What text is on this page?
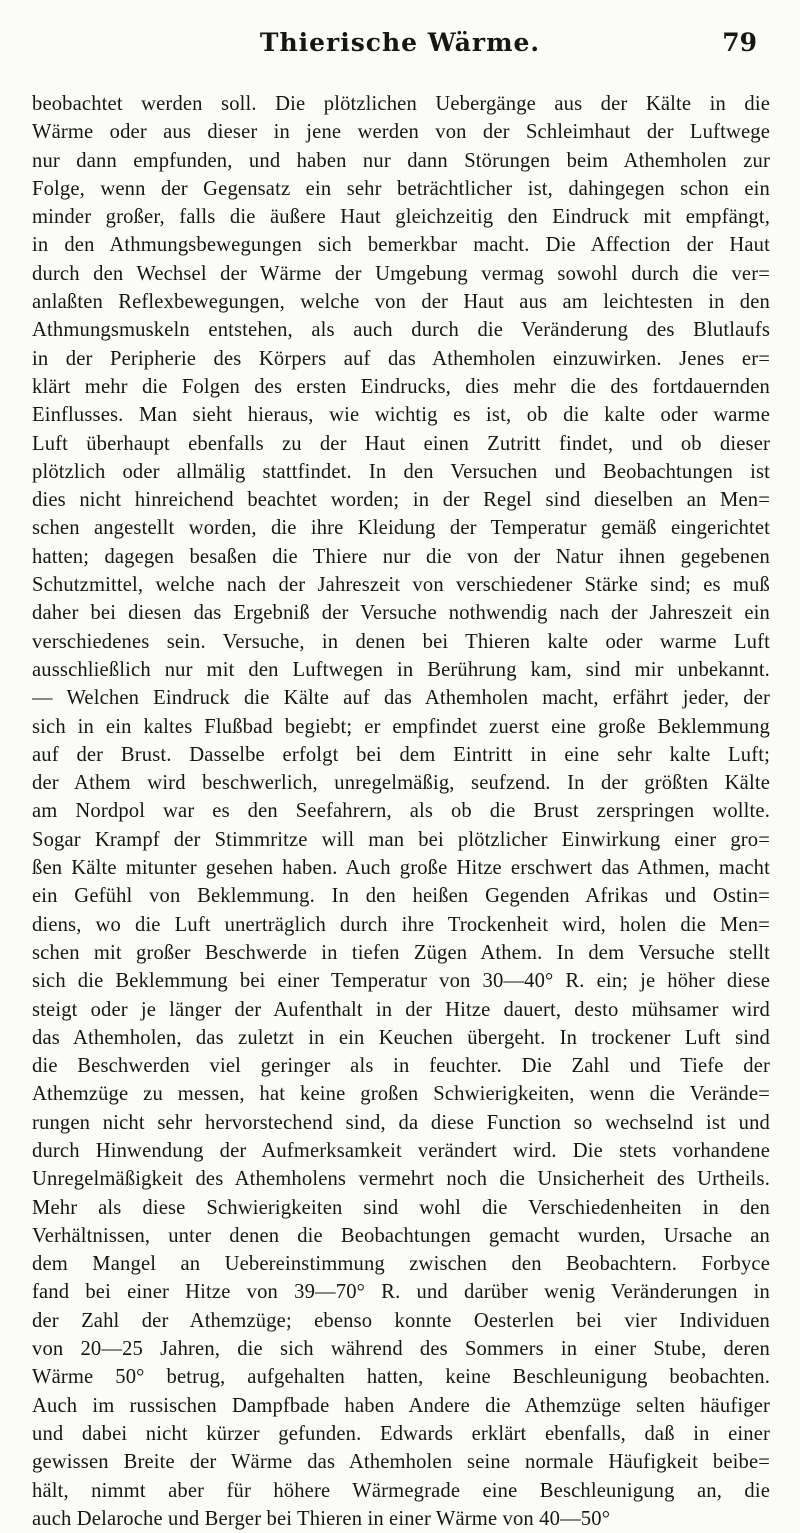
Thierische Wärme.	79
beobachtet werden soll. Die plötzlichen Uebergänge aus der Kälte in die
Wärme oder aus dieser in jene werden von der Schleimhaut der Luftwege
nur dann empfunden, und haben nur dann Störungen beim Athemholen zur
Folge, wenn der Gegensatz ein sehr beträchtlicher ist, dahingegen schon ein
minder großer, falls die äußere Haut gleichzeitig den Eindruck mit empfängt,
in den Athmungsbewegungen sich bemerkbar macht. Die Affection der Haut
durch den Wechsel der Wärme der Umgebung vermag sowohl durch die ver=
anlaßten Reflexbewegungen, welche von der Haut aus am leichtesten in den
Athmungsmuskeln entstehen, als auch durch die Veränderung des Blutlaufs
in der Peripherie des Körpers auf das Athemholen einzuwirken. Jenes er=
klärt mehr die Folgen des ersten Eindrucks, dies mehr die des fortdauernden
Einflusses. Man sieht hieraus, wie wichtig es ist, ob die kalte oder warme
Luft überhaupt ebenfalls zu der Haut einen Zutritt findet, und ob dieser
plötzlich oder allmälig stattfindet. In den Versuchen und Beobachtungen ist
dies nicht hinreichend beachtet worden; in der Regel sind dieselben an Men=
schen angestellt worden, die ihre Kleidung der Temperatur gemäß eingerichtet
hatten; dagegen besaßen die Thiere nur die von der Natur ihnen gegebenen
Schutzmittel, welche nach der Jahreszeit von verschiedener Stärke sind; es muß
daher bei diesen das Ergebniß der Versuche nothwendig nach der Jahreszeit ein
verschiedenes sein. Versuche, in denen bei Thieren kalte oder warme Luft
ausschließlich nur mit den Luftwegen in Berührung kam, sind mir unbekannt.
— Welchen Eindruck die Kälte auf das Athemholen macht, erfährt jeder, der
sich in ein kaltes Flußbad begiebt; er empfindet zuerst eine große Beklemmung
auf der Brust. Dasselbe erfolgt bei dem Eintritt in eine sehr kalte Luft;
der Athem wird beschwerlich, unregelmäßig, seufzend. In der größten Kälte
am Nordpol war es den Seefahrern, als ob die Brust zerspringen wollte.
Sogar Krampf der Stimmritze will man bei plötzlicher Einwirkung einer gro=
ßen Kälte mitunter gesehen haben. Auch große Hitze erschwert das Athmen, macht
ein Gefühl von Beklemmung. In den heißen Gegenden Afrikas und Ostin=
diens, wo die Luft unerträglich durch ihre Trockenheit wird, holen die Men=
schen mit großer Beschwerde in tiefen Zügen Athem. In dem Versuche stellt
sich die Beklemmung bei einer Temperatur von 30—40° R. ein; je höher diese
steigt oder je länger der Aufenthalt in der Hitze dauert, desto mühsamer wird
das Athemholen, das zuletzt in ein Keuchen übergeht. In trockener Luft sind
die Beschwerden viel geringer als in feuchter. Die Zahl und Tiefe der
Athemzüge zu messen, hat keine großen Schwierigkeiten, wenn die Verände=
rungen nicht sehr hervorstechend sind, da diese Function so wechselnd ist und
durch Hinwendung der Aufmerksamkeit verändert wird. Die stets vorhandene
Unregelmäßigkeit des Athemholens vermehrt noch die Unsicherheit des Urtheils.
Mehr als diese Schwierigkeiten sind wohl die Verschiedenheiten in den
Verhältnissen, unter denen die Beobachtungen gemacht wurden, Ursache an
dem Mangel an Uebereinstimmung zwischen den Beobachtern. Forbyce
fand bei einer Hitze von 39—70° R. und darüber wenig Veränderungen in
der Zahl der Athemzüge; ebenso konnte Oesterlen bei vier Individuen
von 20—25 Jahren, die sich während des Sommers in einer Stube, deren
Wärme 50° betrug, aufgehalten hatten, keine Beschleunigung beobachten.
Auch im russischen Dampfbade haben Andere die Athemzüge selten häufiger
und dabei nicht kürzer gefunden. Edwards erklärt ebenfalls, daß in einer
gewissen Breite der Wärme das Athemholen seine normale Häufigkeit beibe=
hält, nimmt aber für höhere Wärmegrade eine Beschleunigung an, die
auch Delaroche und Berger bei Thieren in einer Wärme von 40—50°
